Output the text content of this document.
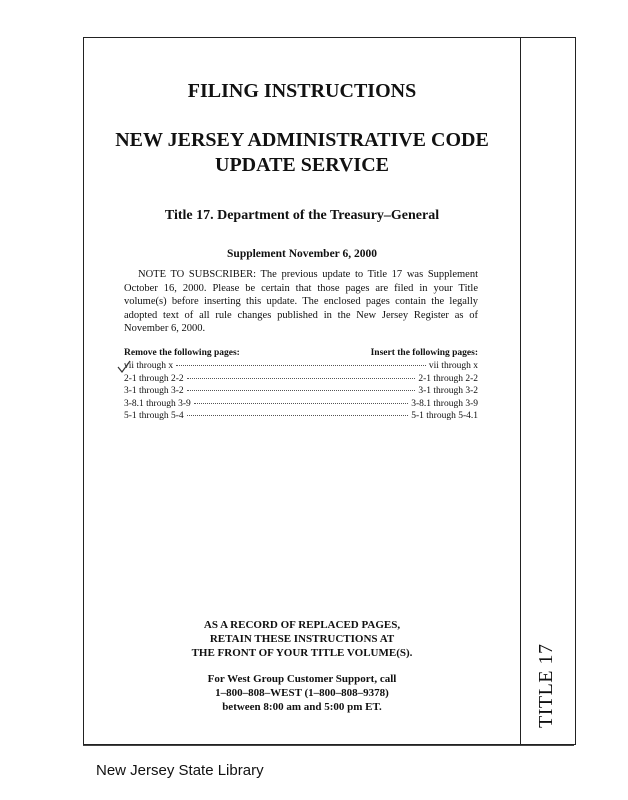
FILING INSTRUCTIONS
NEW JERSEY ADMINISTRATIVE CODE
UPDATE SERVICE
Title 17. Department of the Treasury–General
Supplement November 6, 2000
NOTE TO SUBSCRIBER: The previous update to Title 17 was Supplement October 16, 2000. Please be certain that those pages are filed in your Title volume(s) before inserting this update. The enclosed pages contain the legally adopted text of all rule changes published in the New Jersey Register as of November 6, 2000.
Remove the following pages:	Insert the following pages:
vii through x	vii through x
2-1 through 2-2	2-1 through 2-2
3-1 through 3-2	3-1 through 3-2
3-8.1 through 3-9	3-8.1 through 3-9
5-1 through 5-4	5-1 through 5-4.1
AS A RECORD OF REPLACED PAGES,
RETAIN THESE INSTRUCTIONS AT
THE FRONT OF YOUR TITLE VOLUME(S).
For West Group Customer Support, call
1–800–808–WEST (1–800–808–9378)
between 8:00 am and 5:00 pm ET.	TITLE 17
New Jersey State Library
